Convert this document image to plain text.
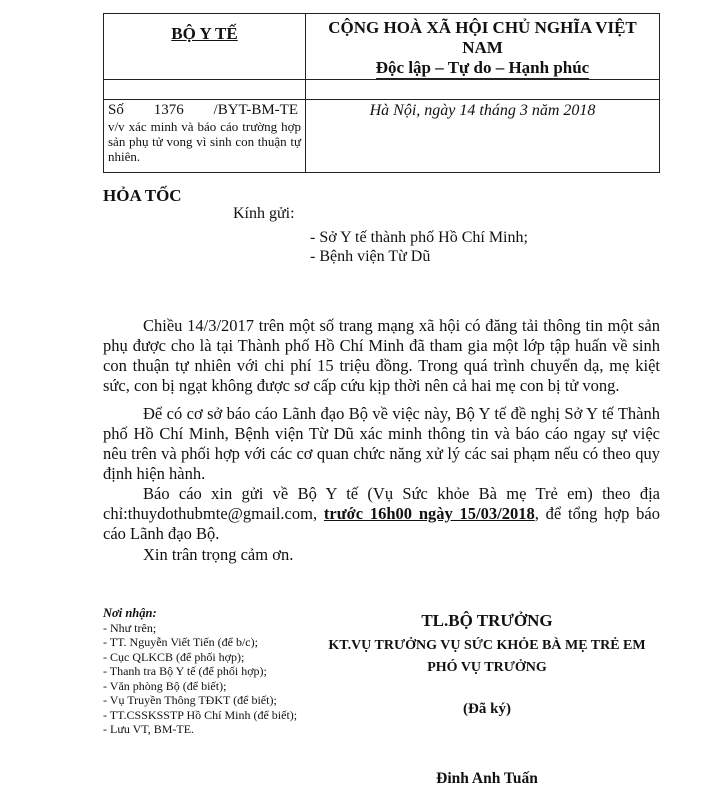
BỘ Y TẾ	CỘNG HOÀ XÃ HỘI CHỦ NGHĨA VIỆT NAM
Độc lập – Tự do – Hạnh phúc

Số 1376 /BYT-BM-TE
v/v xác minh và báo cáo trường hợp sản phụ tử vong vì sinh con thuận tự nhiên.	Hà Nội, ngày 14 tháng 3 năm 2018
HỎA TỐC
Kính gửi:
- Sở Y tế thành phố Hồ Chí Minh;
- Bệnh viện Từ Dũ

Chiều 14/3/2017 trên một số trang mạng xã hội có đăng tải thông tin một sản phụ được cho là tại Thành phố Hồ Chí Minh đã tham gia một lớp tập huấn về sinh con thuận tự nhiên với chi phí 15 triệu đồng. Trong quá trình chuyển dạ, mẹ kiệt sức, con bị ngạt không được sơ cấp cứu kịp thời nên cả hai mẹ con bị tử vong.

Để có cơ sở báo cáo Lãnh đạo Bộ về việc này, Bộ Y tế đề nghị Sở Y tế Thành phố Hồ Chí Minh, Bệnh viện Từ Dũ xác minh thông tin và báo cáo ngay sự việc nêu trên và phối hợp với các cơ quan chức năng xử lý các sai phạm nếu có theo quy định hiện hành.

Báo cáo xin gửi về Bộ Y tế (Vụ Sức khỏe Bà mẹ Trẻ em) theo địa chỉ:thuydothubmte@gmail.com, trước 16h00 ngày 15/03/2018, để tổng hợp báo cáo Lãnh đạo Bộ.

Xin trân trọng cảm ơn.

Nơi nhận:
- Như trên;
- TT. Nguyễn Viết Tiến (để b/c);
- Cục QLKCB (để phối hợp);
- Thanh tra Bộ Y tế (để phối hợp);
- Văn phòng Bộ (để biết);
- Vụ Truyền Thông TĐKT (để biết);
- TT.CSSKSSTP Hồ Chí Minh (để biết);
- Lưu VT, BM-TE.
TL.BỘ TRƯỞNG
KT.VỤ TRƯỞNG VỤ SỨC KHỎE BÀ MẸ TRẺ EM
PHÓ VỤ TRƯỞNG
(Đã ký)
Đinh Anh Tuấn
